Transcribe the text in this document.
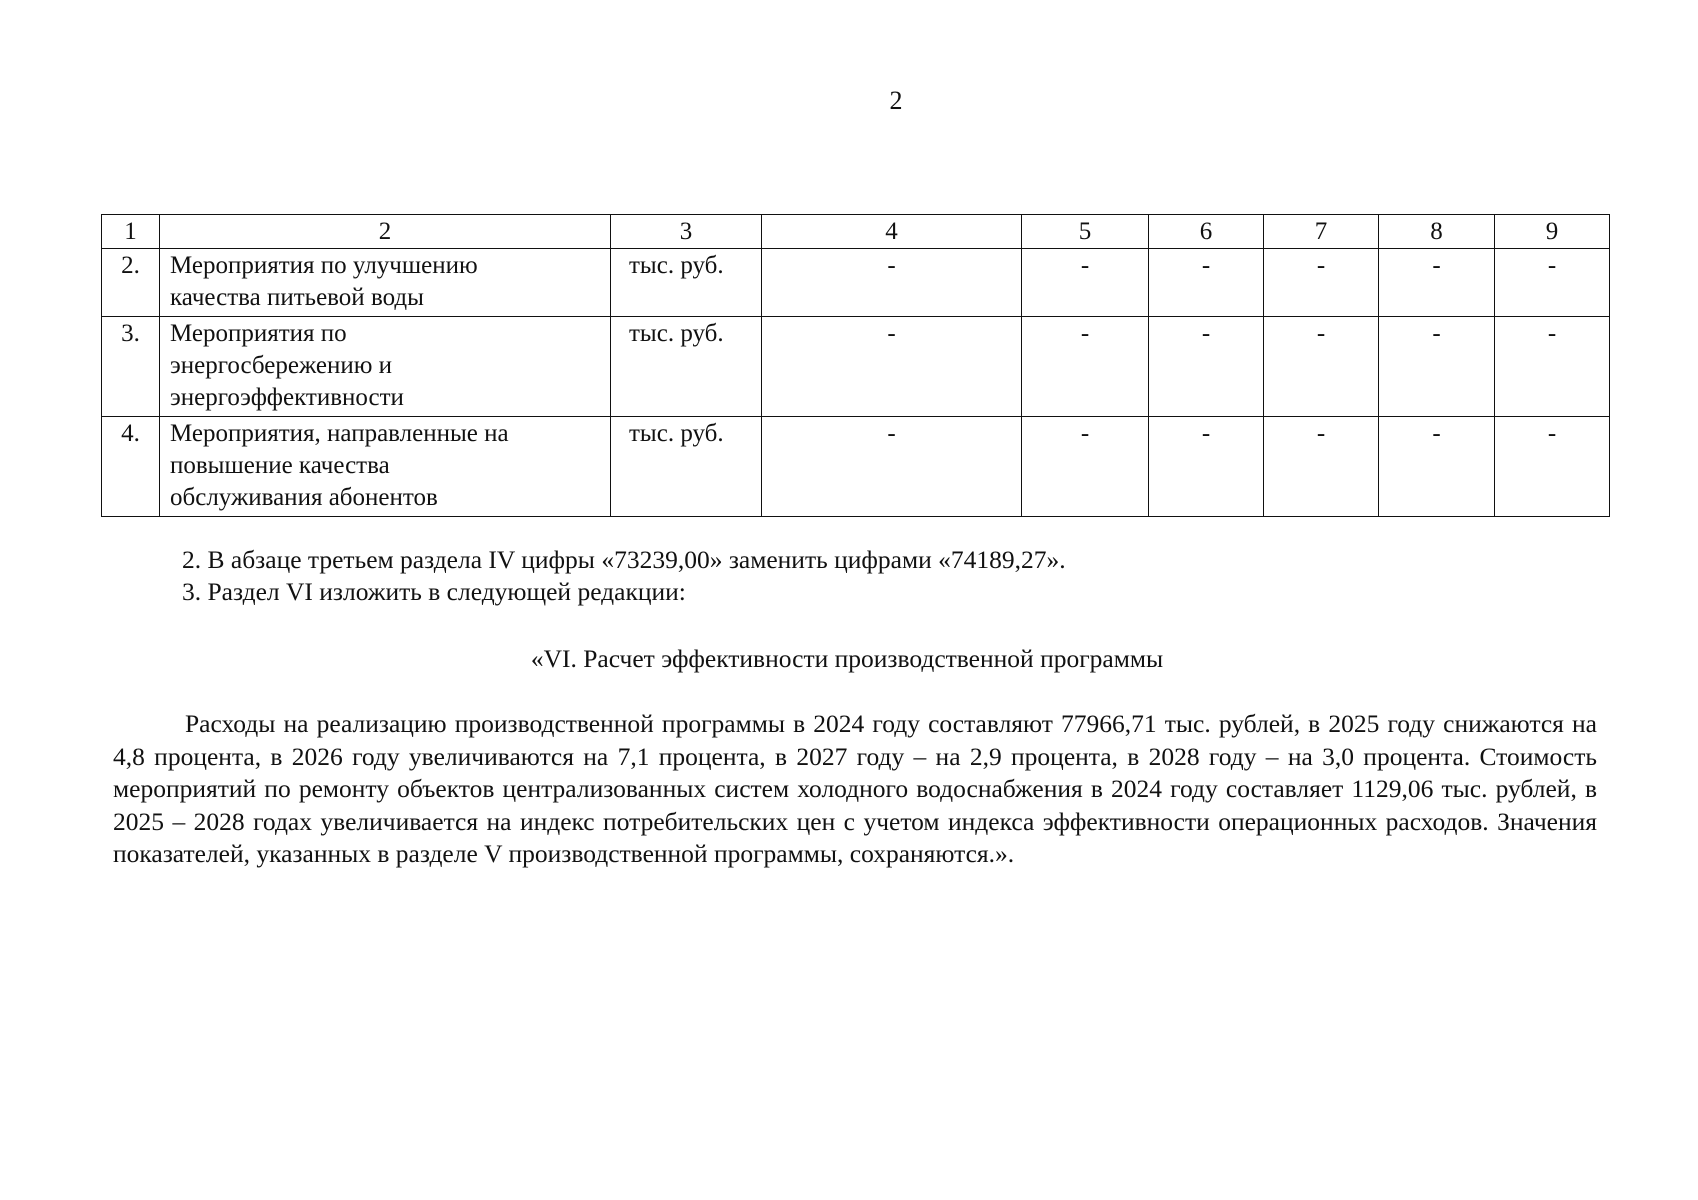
2
1	2	3	4	5	6	7	8	9
2.	Мероприятия по улучшению
качества питьевой воды	тыс. руб.	-	-	-	-	-	-
3.	Мероприятия по
энергосбережению и
энергоэффективности	тыс. руб.	-	-	-	-	-	-
4.	Мероприятия, направленные на
повышение качества
обслуживания абонентов	тыс. руб.	-	-	-	-	-	-
2. В абзаце третьем раздела IV цифры «73239,00» заменить цифрами «74189,27».
3. Раздел VI изложить в следующей редакции:
«VI. Расчет эффективности производственной программы
Расходы на реализацию производственной программы в 2024 году составляют 77966,71 тыс. рублей, в 2025 году снижаются на 4,8 процента, в 2026 году увеличиваются на 7,1 процента, в 2027 году – на 2,9 процента, в 2028 году – на 3,0 процента. Стоимость мероприятий по ремонту объектов централизованных систем холодного водоснабжения в 2024 году составляет 1129,06 тыс. рублей, в 2025 – 2028 годах увеличивается на индекс потребительских цен с учетом индекса эффективности операционных расходов. Значения показателей, указанных в разделе V производственной программы, сохраняются.».
